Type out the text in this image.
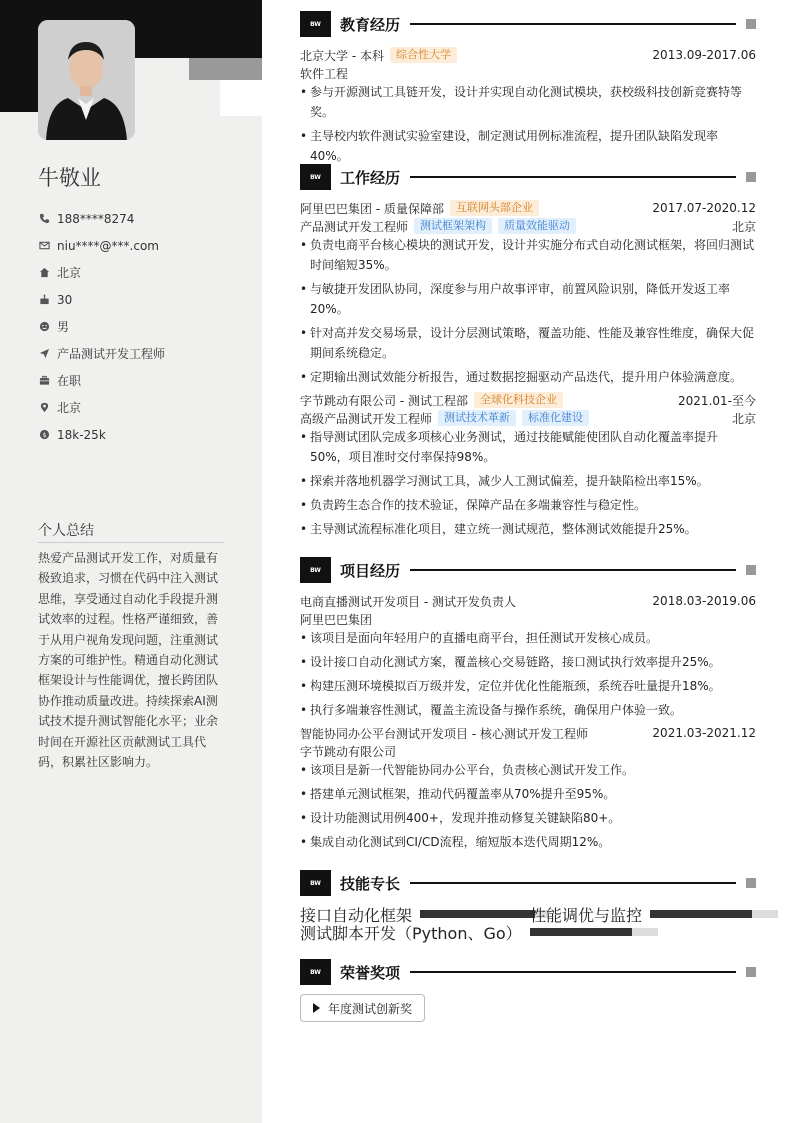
牛敬业
188****8274
niu****@***.com
北京
30
男
产品测试开发工程师
在职
北京
$ 18k-25k
个人总结
热爱产品测试开发工作，对质量有极致追求，习惯在代码中注入测试思维，享受通过自动化手段提升测试效率的过程。性格严谨细致，善于从用户视角发现问题，注重测试方案的可维护性。精通自动化测试框架设计与性能调优，擅长跨团队协作推动质量改进。持续探索AI测试技术提升测试智能化水平；业余时间在开源社区贡献测试工具代码，积累社区影响力。
BW	教育经历
北京大学 - 本科	综合性大学	2013.09-2017.06
软件工程
• 参与开源测试工具链开发，设计并实现自动化测试模块，获校级科技创新竞赛特等奖。
• 主导校内软件测试实验室建设，制定测试用例标准流程，提升团队缺陷发现率40%。
BW	工作经历
阿里巴巴集团 - 质量保障部	互联网头部企业	2017.07-2020.12
产品测试开发工程师	测试框架架构	质量效能驱动	北京
• 负责电商平台核心模块的测试开发，设计并实施分布式自动化测试框架，将回归测试时间缩短35%。
• 与敏捷开发团队协同，深度参与用户故事评审，前置风险识别，降低开发返工率20%。
• 针对高并发交易场景，设计分层测试策略，覆盖功能、性能及兼容性维度，确保大促期间系统稳定。
• 定期输出测试效能分析报告，通过数据挖掘驱动产品迭代，提升用户体验满意度。
字节跳动有限公司 - 测试工程部	全球化科技企业	2021.01-至今
高级产品测试开发工程师	测试技术革新	标准化建设	北京
• 指导测试团队完成多项核心业务测试，通过技能赋能使团队自动化覆盖率提升50%，项目准时交付率保持98%。
• 探索并落地机器学习测试工具，减少人工测试偏差，提升缺陷检出率15%。
• 负责跨生态合作的技术验证，保障产品在多端兼容性与稳定性。
• 主导测试流程标准化项目，建立统一测试规范，整体测试效能提升25%。
BW	项目经历
电商直播测试开发项目 - 测试开发负责人	2018.03-2019.06
阿里巴巴集团
• 该项目是面向年轻用户的直播电商平台，担任测试开发核心成员。
• 设计接口自动化测试方案，覆盖核心交易链路，接口测试执行效率提升25%。
• 构建压测环境模拟百万级并发，定位并优化性能瓶颈，系统吞吐量提升18%。
• 执行多端兼容性测试，覆盖主流设备与操作系统，确保用户体验一致。
智能协同办公平台测试开发项目 - 核心测试开发工程师	2021.03-2021.12
字节跳动有限公司
• 该项目是新一代智能协同办公平台，负责核心测试开发工作。
• 搭建单元测试框架，推动代码覆盖率从70%提升至95%。
• 设计功能测试用例400+，发现并推动修复关键缺陷80+。
• 集成自动化测试到CI/CD流程，缩短版本迭代周期12%。
BW	技能专长
接口自动化框架	性能调优与监控
测试脚本开发（Python、Go）
BW	荣誉奖项
年度测试创新奖
